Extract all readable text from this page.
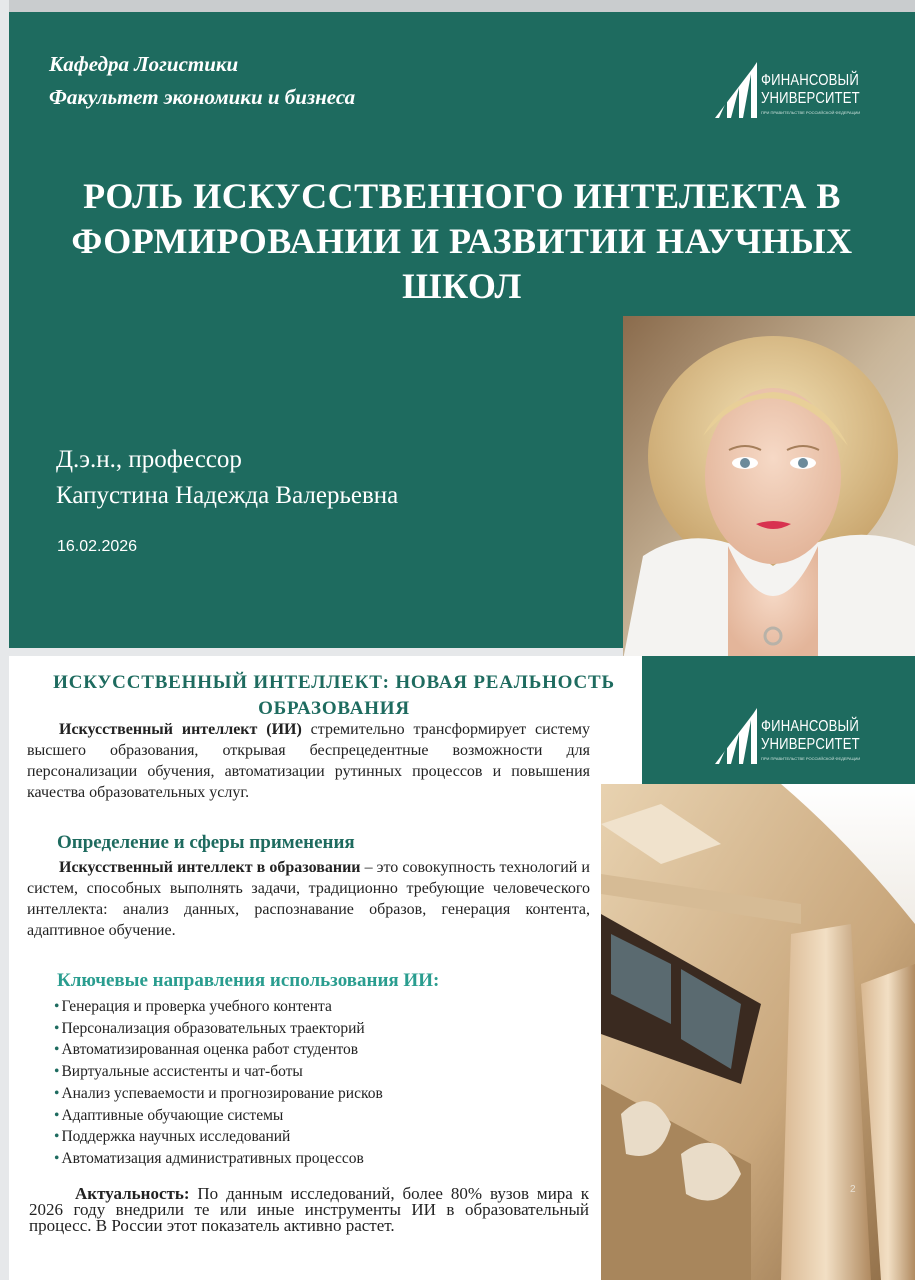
Кафедра Логистики
Факультет экономики и бизнеса
ФИНАНСОВЫЙ
УНИВЕРСИТЕТ
ПРИ ПРАВИТЕЛЬСТВЕ РОССИЙСКОЙ ФЕДЕРАЦИИ
РОЛЬ ИСКУССТВЕННОГО ИНТЕЛЕКТА В ФОРМИРОВАНИИ И РАЗВИТИИ НАУЧНЫХ ШКОЛ
Д.э.н., профессор
Капустина Надежда Валерьевна
16.02.2026
ФИНАНСОВЫЙ
УНИВЕРСИТЕТ
ПРИ ПРАВИТЕЛЬСТВЕ РОССИЙСКОЙ ФЕДЕРАЦИИ
ИСКУССТВЕННЫЙ ИНТЕЛЛЕКТ: НОВАЯ РЕАЛЬНОСТЬ ОБРАЗОВАНИЯ
Искусственный интеллект (ИИ) стремительно трансформирует систему высшего образования, открывая беспрецедентные возможности для персонализации обучения, автоматизации рутинных процессов и повышения качества образовательных услуг.
Определение и сферы применения
Искусственный интеллект в образовании – это совокупность технологий и систем, способных выполнять задачи, традиционно требующие человеческого интеллекта: анализ данных, распознавание образов, генерация контента, адаптивное обучение.
Ключевые направления использования ИИ:
• Генерация и проверка учебного контента
• Персонализация образовательных траекторий
• Автоматизированная оценка работ студентов
• Виртуальные ассистенты и чат-боты
• Анализ успеваемости и прогнозирование рисков
• Адаптивные обучающие системы
• Поддержка научных исследований
• Автоматизация административных процессов
Актуальность: По данным исследований, более 80% вузов мира к 2026 году внедрили те или иные инструменты ИИ в образовательный процесс. В России этот показатель активно растет.
2
